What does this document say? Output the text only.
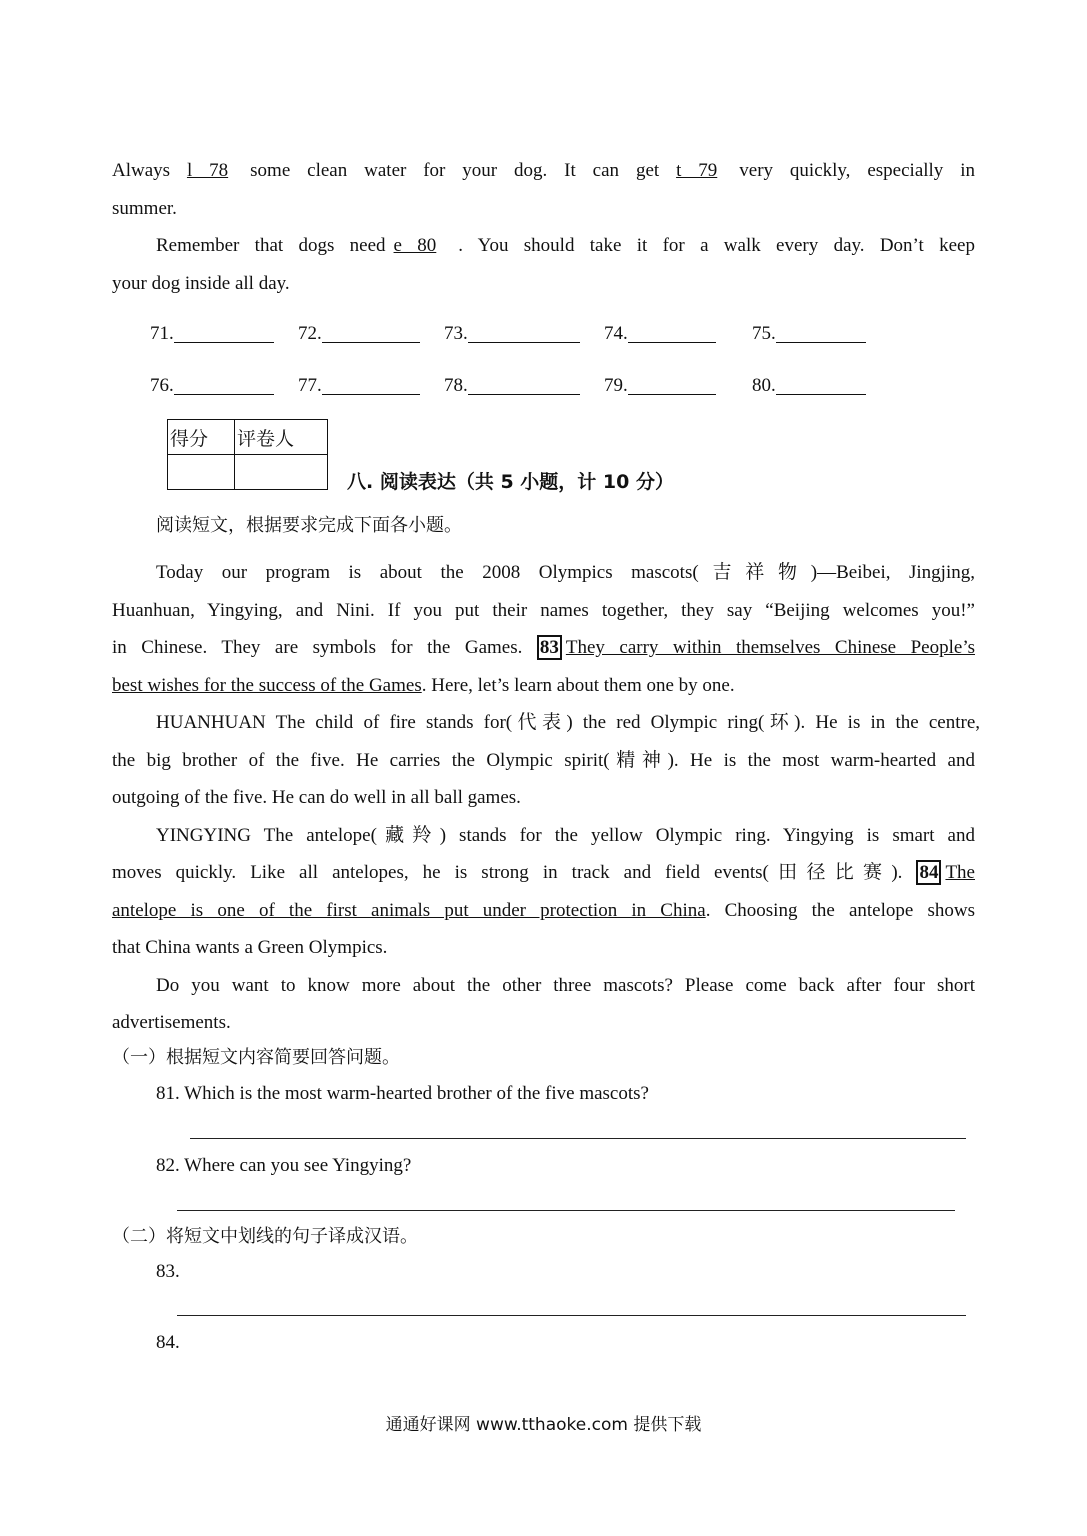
Always l 78 some clean water for your dog. It can get t 79 very quickly, especially in
summer.
Remember that dogs need e 80 . You should take it for a walk every day. Don’t keep
your dog inside all day.
71.	72.	73.	74.	75.
76.	77.	78.	79.	80.
得分	评卷人

八. 阅读表达（共 5 小题，计 10 分）
阅读短文，根据要求完成下面各小题。
Today our program is about the 2008 Olympics mascots(吉祥物)—Beibei, Jingjing,
Huanhuan, Yingying, and Nini. If you put their names together, they say “Beijing welcomes you!”
in Chinese. They are symbols for the Games. 83 They carry within themselves Chinese People’s
best wishes for the success of the Games. Here, let’s learn about them one by one.
HUANHUAN The child of fire stands for(代表) the red Olympic ring(环). He is in the centre,
the big brother of the five. He carries the Olympic spirit(精神). He is the most warm-hearted and
outgoing of the five. He can do well in all ball games.
YINGYING The antelope(藏羚) stands for the yellow Olympic ring. Yingying is smart and
moves quickly. Like all antelopes, he is strong in track and field events(田径比赛). 84 The
antelope is one of the first animals put under protection in China. Choosing the antelope shows
that China wants a Green Olympics.
Do you want to know more about the other three mascots? Please come back after four short
advertisements.
（一）根据短文内容简要回答问题。
81. Which is the most warm-hearted brother of the five mascots?
82. Where can you see Yingying?
（二）将短文中划线的句子译成汉语。
83.
84.
通通好课网 www.tthaoke.com 提供下载
